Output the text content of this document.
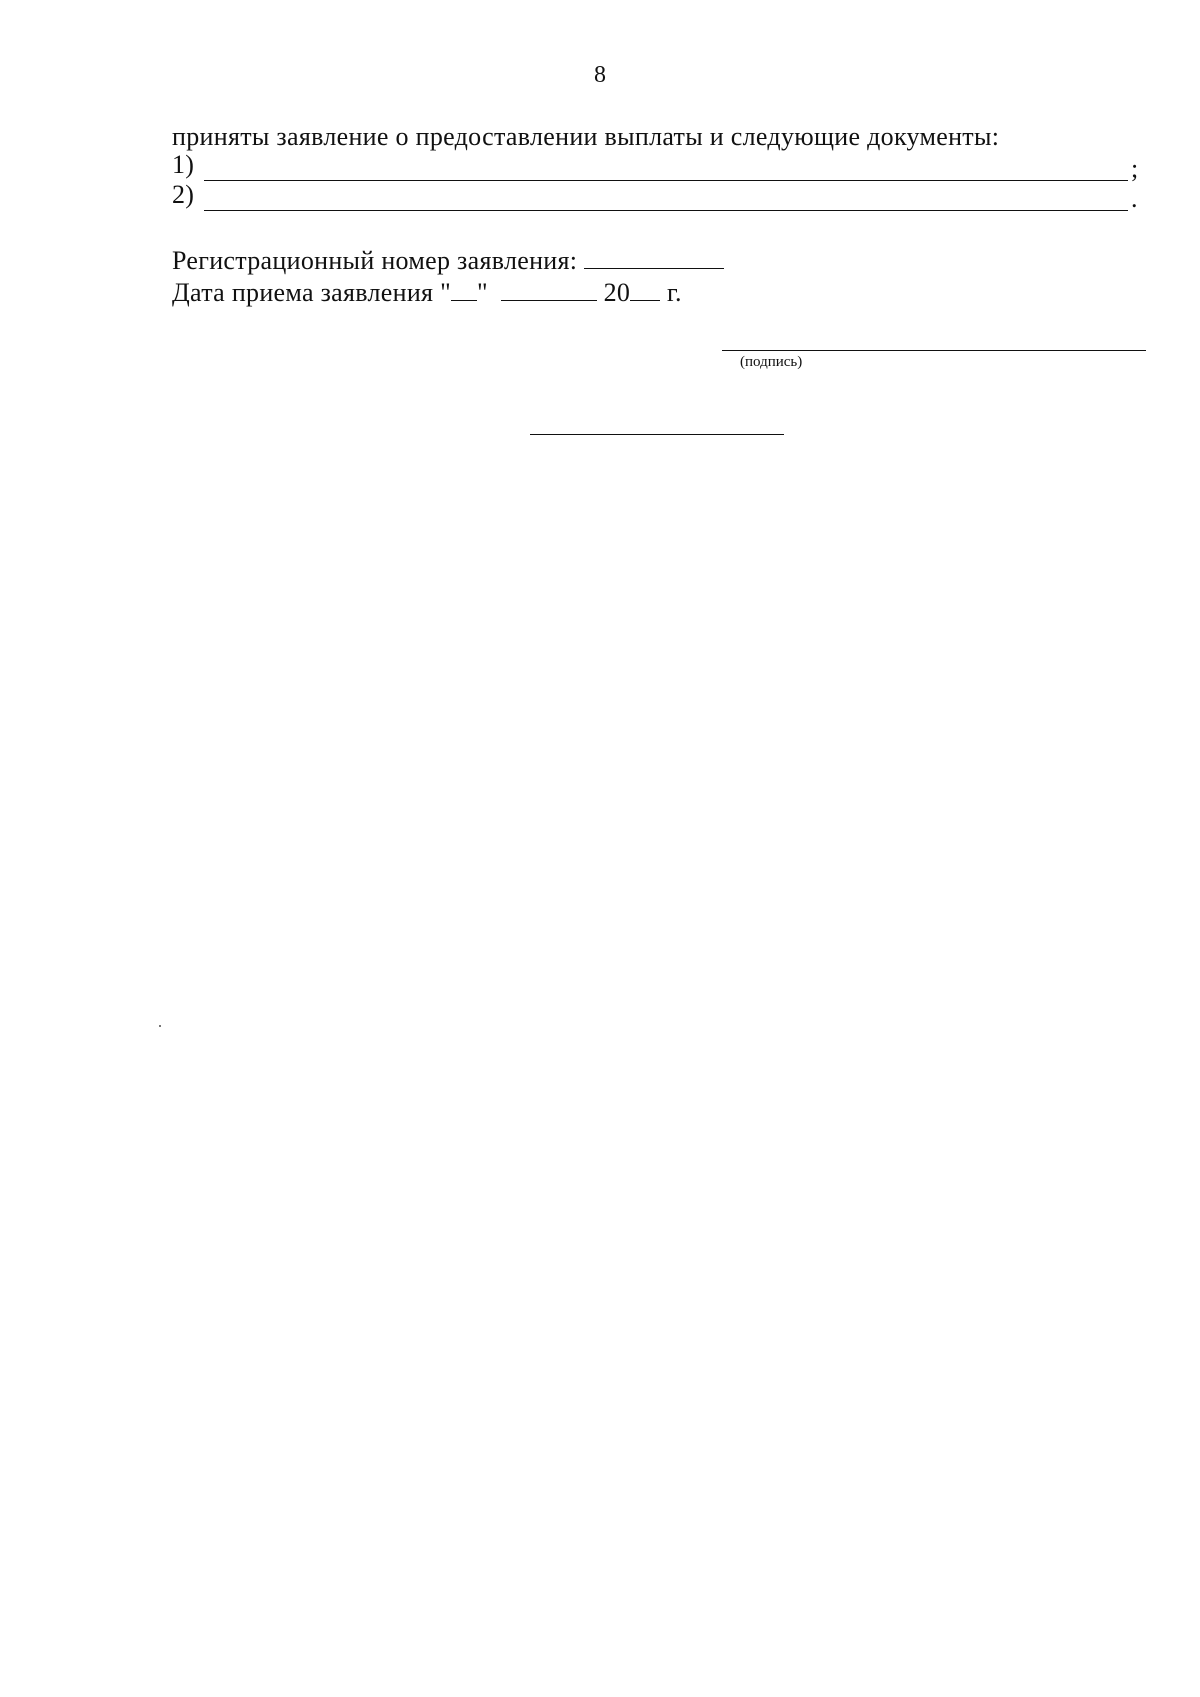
8
приняты заявление о предоставлении выплаты и следующие документы:
1)	;
2)	.
Регистрационный номер заявления:
Дата приема заявления " "	20 г.
(подпись)
